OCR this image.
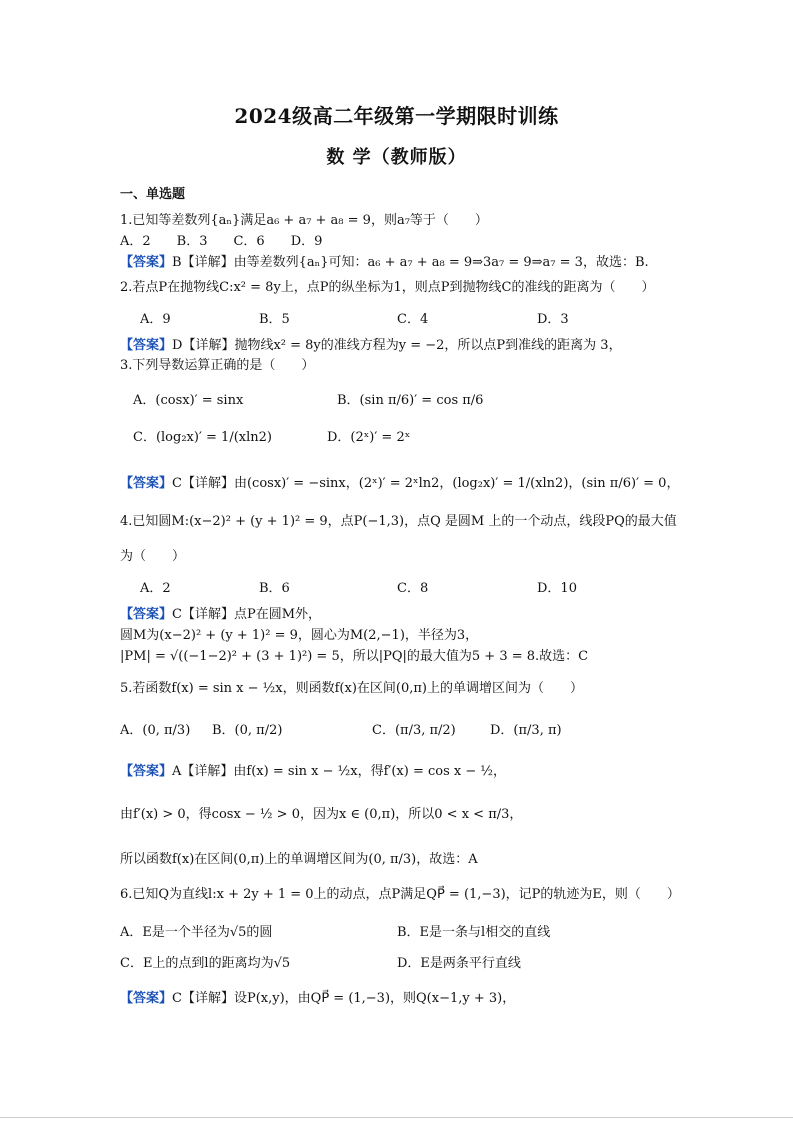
2024级高二年级第一学期限时训练
数 学（教师版）
一、单选题
1.已知等差数列{aₙ}满足a₆ + a₇ + a₈ = 9，则a₇等于（　　）
A．2　　B．3　　C．6　　D．9
【答案】B【详解】由等差数列{aₙ}可知：a₆ + a₇ + a₈ = 9⇒3a₇ = 9⇒a₇ = 3，故选：B.
2.若点P在抛物线C:x² = 8y上，点P的纵坐标为1，则点P到抛物线C的准线的距离为（　　）
A．9	B．5	C．4	D．3
【答案】D【详解】抛物线x² = 8y的准线方程为y = −2，所以点P到准线的距离为 3，
3.下列导数运算正确的是（　　）
A．(cosx)′ = sinx	B．(sin π/6)′ = cos π/6
C．(log₂x)′ = 1/(xln2)	D．(2ˣ)′ = 2ˣ
【答案】C【详解】由(cosx)′ = −sinx，(2ˣ)′ = 2ˣln2，(log₂x)′ = 1/(xln2)，(sin π/6)′ = 0，
4.已知圆M:(x−2)² + (y + 1)² = 9，点P(−1,3)，点Q 是圆M 上的一个动点，线段PQ的最大值
为（　　）
A．2	B．6	C．8	D．10
【答案】C【详解】点P在圆M外，
圆M为(x−2)² + (y + 1)² = 9，圆心为M(2,−1)，半径为3，
|PM| = √((−1−2)² + (3 + 1)²) = 5，所以|PQ|的最大值为5 + 3 = 8.故选：C
5.若函数f(x) = sin x − ½x，则函数f(x)在区间(0,π)上的单调增区间为（　　）
A．(0, π/3) B．(0, π/2)	C．(π/3, π/2)	D．(π/3, π)
【答案】A【详解】由f(x) = sin x − ½x，得f′(x) = cos x − ½，
由f′(x) > 0，得cosx − ½ > 0，因为x ∈ (0,π)，所以0 < x < π/3，
所以函数f(x)在区间(0,π)上的单调增区间为(0, π/3)，故选：A
6.已知Q为直线l:x + 2y + 1 = 0上的动点，点P满足QP⃗ = (1,−3)，记P的轨迹为E，则（　　）
A．E是一个半径为√5的圆	B．E是一条与l相交的直线
C．E上的点到l的距离均为√5	D．E是两条平行直线
【答案】C【详解】设P(x,y)，由QP⃗ = (1,−3)，则Q(x−1,y + 3)，
